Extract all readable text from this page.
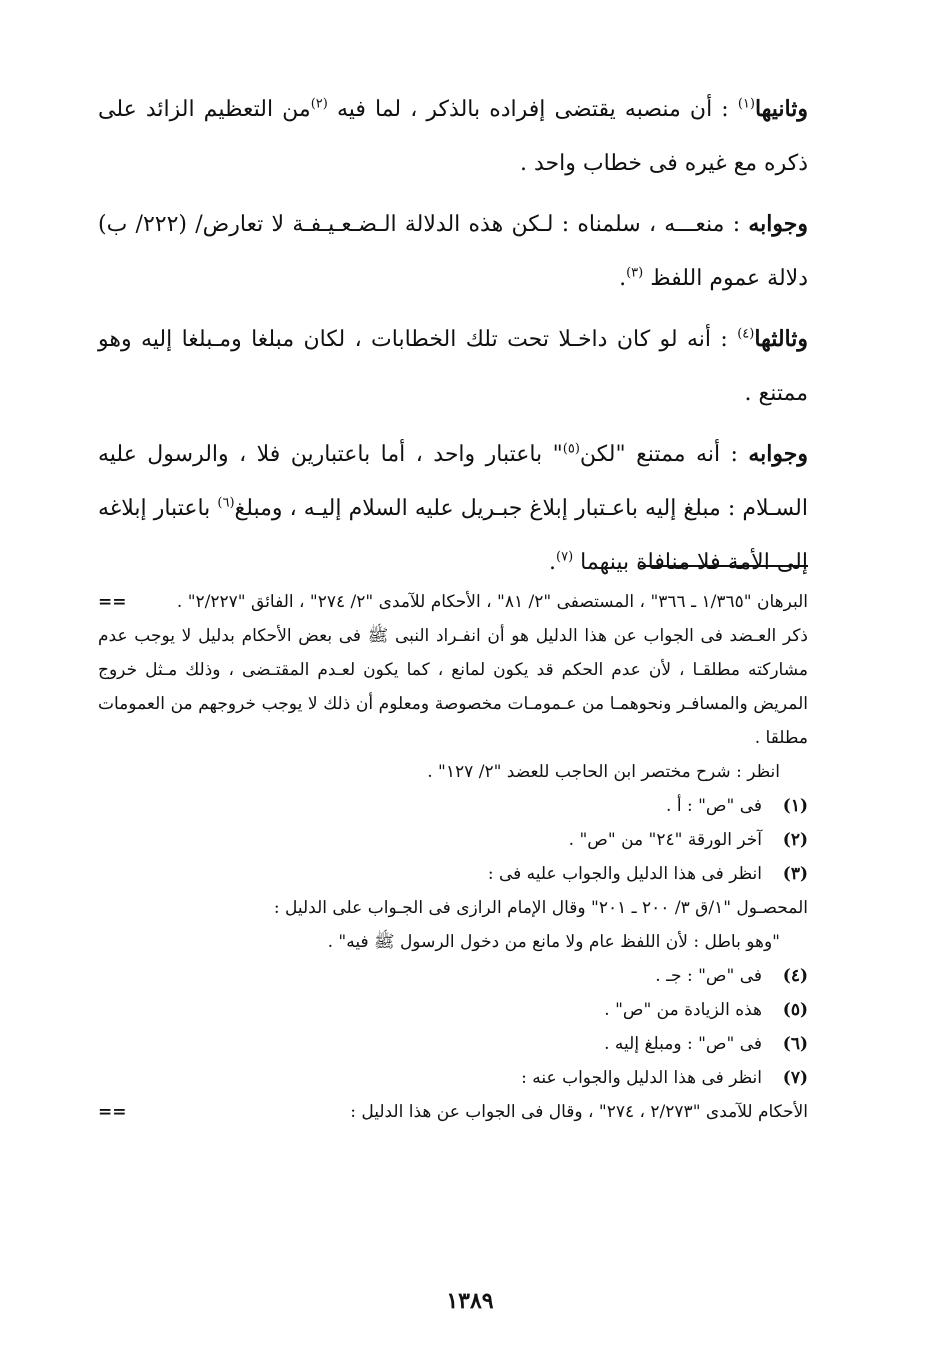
وثانيها$^{(١)}$ : أن منصبه يقتضى إفراده بالذكر ، لما فيه $^{(٢)}$من التعظيم الزائد على ذكره مع غيره فى خطاب واحد .

وجوابه : منعـــه ، سلمناه : لـكن هذه الدلالة الـضـعـيـفـة لا تعارض/ (٢٢٢/ ب) دلالة عموم اللفظ $^{(٣)}$.

وثالثها$^{(٤)}$ : أنه لو كان داخـلا تحت تلك الخطابات ، لكان مبلغا ومـبلغا إليه وهو ممتنع .

وجوابه : أنه ممتنع "لكن$^{(٥)}$" باعتبار واحد ، أما باعتبارين فلا ، والرسول عليه السـلام : مبلغ إليه باعـتبار إبلاغ جبـريل عليه السلام إليـه ، ومبلغ$^{(٦)}$ باعتبار إبلاغه إلى الأمة فلا منافاة بينهما $^{(٧)}$.

البرهان "١/٣٦٥ ـ ٣٦٦" ، المستصفى "٢/ ٨١" ، الأحكام للآمدى "٢/ ٢٧٤" ، الفائق "٢/٢٢٧" .
==

ذكر العـضد فى الجواب عن هذا الدليل هو أن انفـراد النبى ﷺ فى بعض الأحكام بدليل لا يوجب عدم مشاركته مطلقـا ، لأن عدم الحكم قد يكون لمانع ، كما يكون لعـدم المقتـضى ، وذلك مـثل خروج المريض والمسافـر ونحوهمـا من عـمومـات مخصوصة ومعلوم أن ذلك لا يوجب خروجهم من العمومات مطلقا .

انظر : شرح مختصر ابن الحاجب للعضد "٢/ ١٢٧" .

(١)
فى "ص" : أ .
(٢)
آخر الورقة "٢٤" من "ص" .
(٣)
انظر فى هذا الدليل والجواب عليه فى :

المحصـول "١/ق ٣/ ٢٠٠ ـ ٢٠١" وقال الإمام الرازى فى الجـواب على الدليل :

"وهو باطل : لأن اللفظ عام ولا مانع من دخول الرسول ﷺ فيه" .

(٤)
فى "ص" : جـ .
(٥)
هذه الزيادة من "ص" .
(٦)
فى "ص" : ومبلغ إليه .
(٧)
انظر فى هذا الدليل والجواب عنه :

الأحكام للآمدى "٢/٢٧٣ ، ٢٧٤" ، وقال فى الجواب عن هذا الدليل :
==

١٣٨٩
